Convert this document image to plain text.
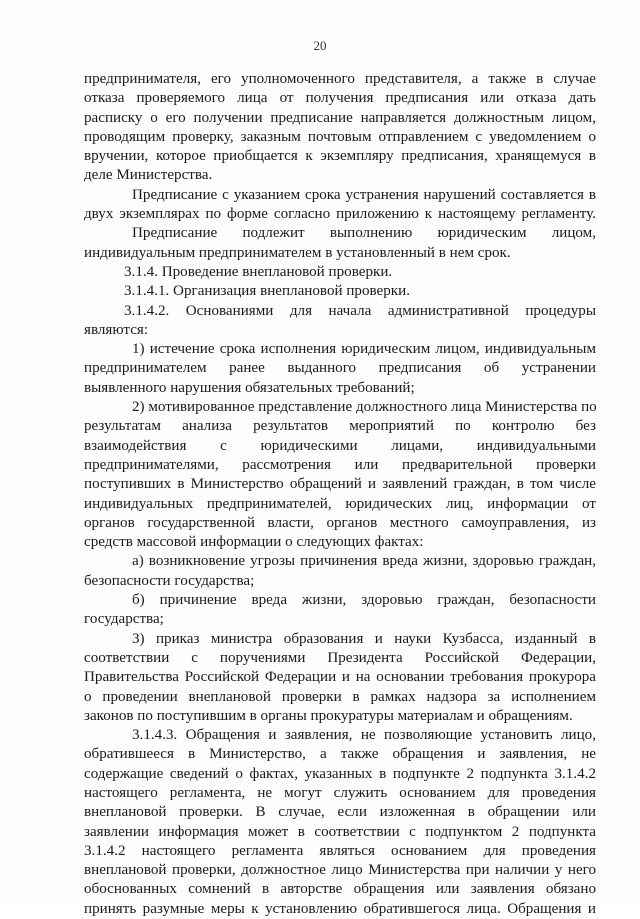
20
предпринимателя, его уполномоченного представителя, а также в случае
отказа проверяемого лица от получения предписания или отказа дать
расписку о его получении предписание направляется должностным лицом,
проводящим проверку, заказным почтовым отправлением с уведомлением о
вручении, которое приобщается к экземпляру предписания, хранящемуся в
деле Министерства.
Предписание с указанием срока устранения нарушений составляется в
двух экземплярах по форме согласно приложению к настоящему регламенту.
Предписание подлежит выполнению юридическим лицом,
индивидуальным предпринимателем в установленный в нем срок.
3.1.4. Проведение внеплановой проверки.
3.1.4.1. Организация внеплановой проверки.
3.1.4.2. Основаниями для начала административной процедуры
являются:
1) истечение срока исполнения юридическим лицом, индивидуальным
предпринимателем ранее выданного предписания об устранении
выявленного нарушения обязательных требований;
2) мотивированное представление должностного лица Министерства по
результатам анализа результатов мероприятий по контролю без
взаимодействия с юридическими лицами, индивидуальными
предпринимателями, рассмотрения или предварительной проверки
поступивших в Министерство обращений и заявлений граждан, в том числе
индивидуальных предпринимателей, юридических лиц, информации от
органов государственной власти, органов местного самоуправления, из
средств массовой информации о следующих фактах:
а) возникновение угрозы причинения вреда жизни, здоровью граждан,
безопасности государства;
б) причинение вреда жизни, здоровью граждан, безопасности
государства;
3) приказ министра образования и науки Кузбасса, изданный в
соответствии с поручениями Президента Российской Федерации,
Правительства Российской Федерации и на основании требования прокурора
о проведении внеплановой проверки в рамках надзора за исполнением
законов по поступившим в органы прокуратуры материалам и обращениям.
3.1.4.3. Обращения и заявления, не позволяющие установить лицо,
обратившееся в Министерство, а также обращения и заявления, не
содержащие сведений о фактах, указанных в подпункте 2 подпункта 3.1.4.2
настоящего регламента, не могут служить основанием для проведения
внеплановой проверки. В случае, если изложенная в обращении или
заявлении информация может в соответствии с подпунктом 2 подпункта
3.1.4.2 настоящего регламента являться основанием для проведения
внеплановой проверки, должностное лицо Министерства при наличии у него
обоснованных сомнений в авторстве обращения или заявления обязано
принять разумные меры к установлению обратившегося лица. Обращения и
